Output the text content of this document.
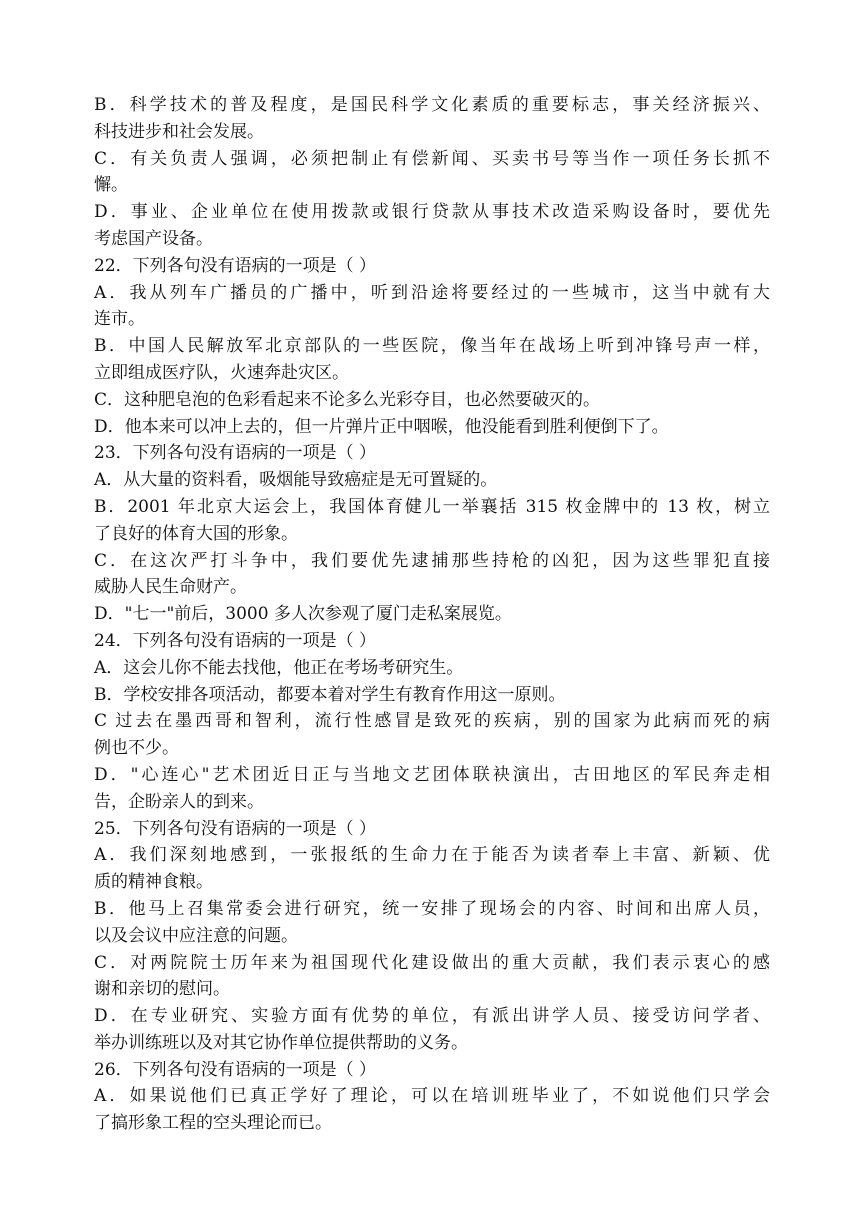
B．科学技术的普及程度，是国民科学文化素质的重要标志，事关经济振兴、
科技进步和社会发展。
C．有关负责人强调，必须把制止有偿新闻、买卖书号等当作一项任务长抓不
懈。
D．事业、企业单位在使用拨款或银行贷款从事技术改造采购设备时，要优先
考虑国产设备。
22．下列各句没有语病的一项是（ ）
A．我从列车广播员的广播中，听到沿途将要经过的一些城市，这当中就有大
连市。
B．中国人民解放军北京部队的一些医院，像当年在战场上听到冲锋号声一样，
立即组成医疗队，火速奔赴灾区。
C．这种肥皂泡的色彩看起来不论多么光彩夺目，也必然要破灭的。
D．他本来可以冲上去的，但一片弹片正中咽喉，他没能看到胜利便倒下了。
23．下列各句没有语病的一项是（ ）
A．从大量的资料看，吸烟能导致癌症是无可置疑的。
B．2001 年北京大运会上，我国体育健儿一举襄括 315 枚金牌中的 13 枚，树立
了良好的体育大国的形象。
C．在这次严打斗争中，我们要优先逮捕那些持枪的凶犯，因为这些罪犯直接
威胁人民生命财产。
D．"七一"前后，3000 多人次参观了厦门走私案展览。
24．下列各句没有语病的一项是（ ）
A．这会儿你不能去找他，他正在考场考研究生。
B．学校安排各项活动，都要本着对学生有教育作用这一原则。
C 过去在墨西哥和智利，流行性感冒是致死的疾病，别的国家为此病而死的病
例也不少。
D．"心连心"艺术团近日正与当地文艺团体联袂演出，古田地区的军民奔走相
告，企盼亲人的到来。
25．下列各句没有语病的一项是（ ）
A．我们深刻地感到，一张报纸的生命力在于能否为读者奉上丰富、新颖、优
质的精神食粮。
B．他马上召集常委会进行研究，统一安排了现场会的内容、时间和出席人员，
以及会议中应注意的问题。
C．对两院院士历年来为祖国现代化建设做出的重大贡献，我们表示衷心的感
谢和亲切的慰问。
D．在专业研究、实验方面有优势的单位，有派出讲学人员、接受访问学者、
举办训练班以及对其它协作单位提供帮助的义务。
26．下列各句没有语病的一项是（ ）
A．如果说他们已真正学好了理论，可以在培训班毕业了，不如说他们只学会
了搞形象工程的空头理论而已。
